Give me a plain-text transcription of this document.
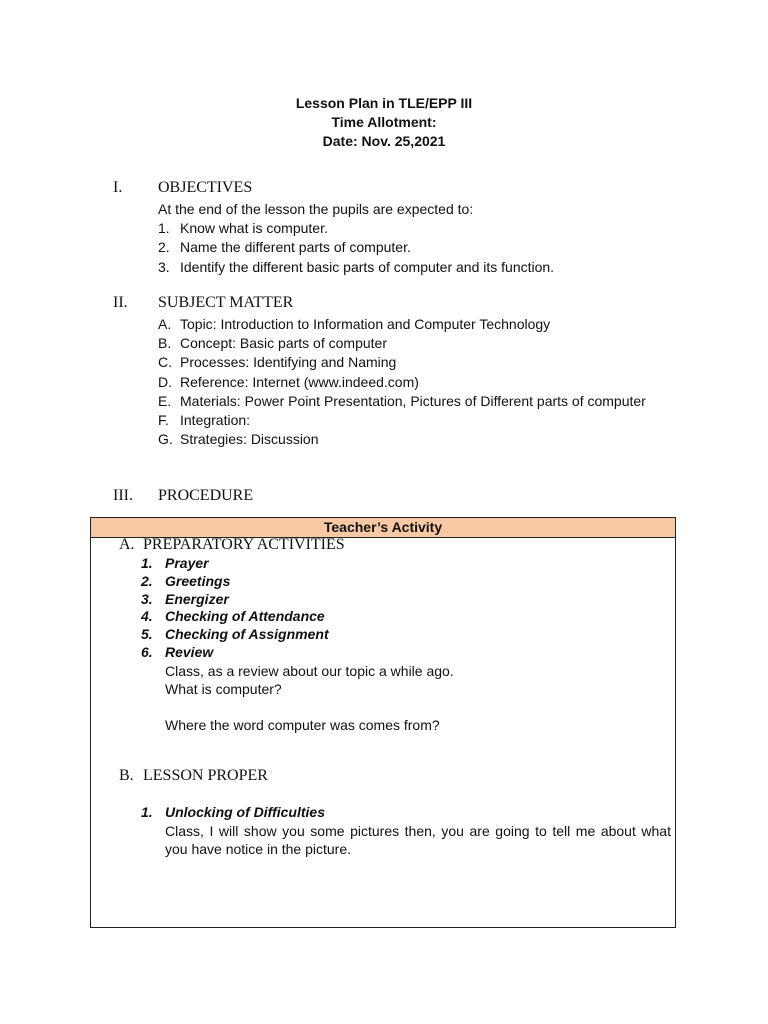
Lesson Plan in TLE/EPP III
Time Allotment:
Date: Nov. 25,2021
I. OBJECTIVES
At the end of the lesson the pupils are expected to:
1. Know what is computer.
2. Name the different parts of computer.
3. Identify the different basic parts of computer and its function.
II. SUBJECT MATTER
A. Topic: Introduction to Information and Computer Technology
B. Concept: Basic parts of computer
C. Processes: Identifying and Naming
D. Reference: Internet (www.indeed.com)
E. Materials: Power Point Presentation, Pictures of Different parts of computer
F. Integration:
G. Strategies: Discussion
III. PROCEDURE
Teacher’s Activity
A. PREPARATORY ACTIVITIES
1. Prayer
2. Greetings
3. Energizer
4. Checking of Attendance
5. Checking of Assignment
6. Review
Class, as a review about our topic a while ago.
What is computer?
Where the word computer was comes from?
B. LESSON PROPER
1. Unlocking of Difficulties
Class, I will show you some pictures then, you are going to tell me about what you have notice in the picture.
